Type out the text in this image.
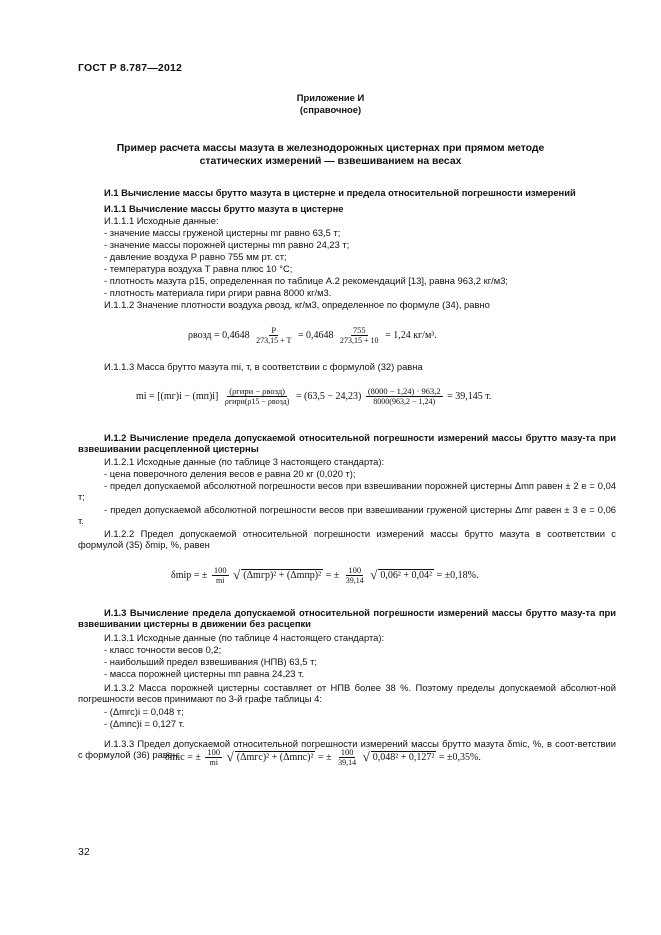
ГОСТ Р 8.787—2012
Приложение И
(справочное)
Пример расчета массы мазута в железнодорожных цистернах при прямом методе
статических измерений — взвешиванием на весах
И.1 Вычисление массы брутто мазута в цистерне и предела относительной погрешности измерений
И.1.1 Вычисление массы брутто мазута в цистерне
И.1.1.1 Исходные данные:
- значение массы груженой цистерны mг равно 63,5 т;
- значение массы порожней цистерны mп равно 24,23 т;
- давление воздуха P равно 755 мм рт. ст;
- температура воздуха T равна плюс 10 °С;
- плотность мазута ρ15, определенная по таблице А.2 рекомендаций [13], равна 963,2 кг/м3;
- плотность материала гири ρгири равна 8000 кг/м3.
И.1.1.2 Значение плотности воздуха ρвозд, кг/м3, определенное по формуле (34), равно
ρвозд = $0,4648 \frac{P}{273,15 + T} = 0,4648 \frac{755}{273,15 + 10} = 1,24$ кг/м³.
И.1.1.3 Масса брутто мазута mi, т, в соответствии с формулой (32) равна
mi = $[(mг)i - (mп)i] \frac{\text{(ρгири − ρвозд)}}{\text{ρгири(ρ15 − ρвозд)}} = (63,5 - 24,23) \frac{(8000 - 1,24) \cdot 963,2}{8000(963,2 - 1,24)} = 39,145$ т.
И.1.2 Вычисление предела допускаемой относительной погрешности измерений массы брутто мазу-та при взвешивании расцепленной цистерны
И.1.2.1 Исходные данные (по таблице 3 настоящего стандарта):
- цена поверочного деления весов e равна 20 кг (0,020 т);
- предел допускаемой абсолютной погрешности весов при взвешивании порожней цистерны Δmп равен ± 2 e = 0,04 т;
- предел допускаемой абсолютной погрешности весов при взвешивании груженой цистерны Δmг равен ± 3 e = 0,06 т.
И.1.2.2 Предел допускаемой относительной погрешности измерений массы брутто мазута в соответствии с формулой (35) δmiр, %, равен
δmiр = ± $\frac{100}{mi}$ √ (Δmгр)² + (Δmпр)² = ± $\frac{100}{39,14}$ √ 0,06² + 0,04² = ±0,18%.
И.1.3 Вычисление предела допускаемой относительной погрешности измерений массы брутто мазу-та при взвешивании цистерны в движении без расцепки
И.1.3.1 Исходные данные (по таблице 4 настоящего стандарта):
- класс точности весов 0,2;
- наибольший предел взвешивания (НПВ) 63,5 т;
- масса порожней цистерны mп равна 24,23 т.
И.1.3.2 Масса порожней цистерны составляет от НПВ более 38 %. Поэтому пределы допускаемой абсолют-ной погрешности весов принимают по 3-й графе таблицы 4:
- (Δmгс)i = 0,048 т;
- (Δmпс)i = 0,127 т.
И.1.3.3 Предел допускаемой относительной погрешности измерений массы брутто мазута δmiс, %, в соот-ветствии с формулой (36) равен
δmiс = ± $\frac{100}{mi}$ √ (Δmгс)² + (Δmпс)² = ± $\frac{100}{39,14}$ √ 0,048² + 0,127² = ±0,35%.
32
